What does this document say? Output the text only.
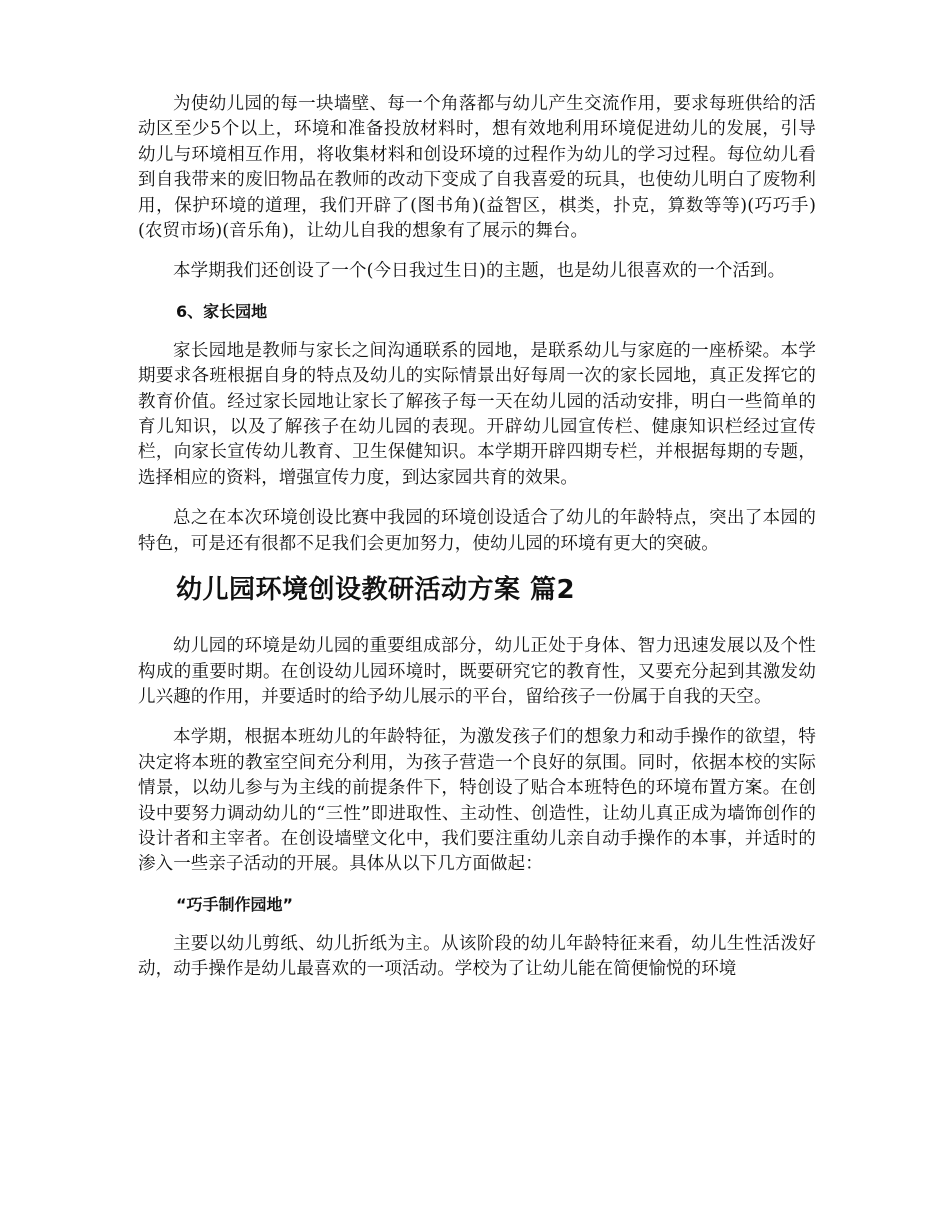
为使幼儿园的每一块墙壁、每一个角落都与幼儿产生交流作用，要求每班供给的活动区至少5个以上，环境和准备投放材料时，想有效地利用环境促进幼儿的发展，引导幼儿与环境相互作用，将收集材料和创设环境的过程作为幼儿的学习过程。每位幼儿看到自我带来的废旧物品在教师的改动下变成了自我喜爱的玩具，也使幼儿明白了废物利用，保护环境的道理，我们开辟了(图书角)(益智区，棋类，扑克，算数等等)(巧巧手)(农贸市场)(音乐角)，让幼儿自我的想象有了展示的舞台。

本学期我们还创设了一个(今日我过生日)的主题，也是幼儿很喜欢的一个活到。

6、家长园地

家长园地是教师与家长之间沟通联系的园地，是联系幼儿与家庭的一座桥梁。本学期要求各班根据自身的特点及幼儿的实际情景出好每周一次的家长园地，真正发挥它的教育价值。经过家长园地让家长了解孩子每一天在幼儿园的活动安排，明白一些简单的育儿知识，以及了解孩子在幼儿园的表现。开辟幼儿园宣传栏、健康知识栏经过宣传栏，向家长宣传幼儿教育、卫生保健知识。本学期开辟四期专栏，并根据每期的专题，选择相应的资料，增强宣传力度，到达家园共育的效果。

总之在本次环境创设比赛中我园的环境创设适合了幼儿的年龄特点，突出了本园的特色，可是还有很都不足我们会更加努力，使幼儿园的环境有更大的突破。

幼儿园环境创设教研活动方案 篇2

幼儿园的环境是幼儿园的重要组成部分，幼儿正处于身体、智力迅速发展以及个性构成的重要时期。在创设幼儿园环境时，既要研究它的教育性，又要充分起到其激发幼儿兴趣的作用，并要适时的给予幼儿展示的平台，留给孩子一份属于自我的天空。

本学期，根据本班幼儿的年龄特征，为激发孩子们的想象力和动手操作的欲望，特决定将本班的教室空间充分利用，为孩子营造一个良好的氛围。同时，依据本校的实际情景，以幼儿参与为主线的前提条件下，特创设了贴合本班特色的环境布置方案。在创设中要努力调动幼儿的“三性”即进取性、主动性、创造性，让幼儿真正成为墙饰创作的设计者和主宰者。在创设墙壁文化中，我们要注重幼儿亲自动手操作的本事，并适时的渗入一些亲子活动的开展。具体从以下几方面做起：

“巧手制作园地”

主要以幼儿剪纸、幼儿折纸为主。从该阶段的幼儿年龄特征来看，幼儿生性活泼好动，动手操作是幼儿最喜欢的一项活动。学校为了让幼儿能在简便愉悦的环境
